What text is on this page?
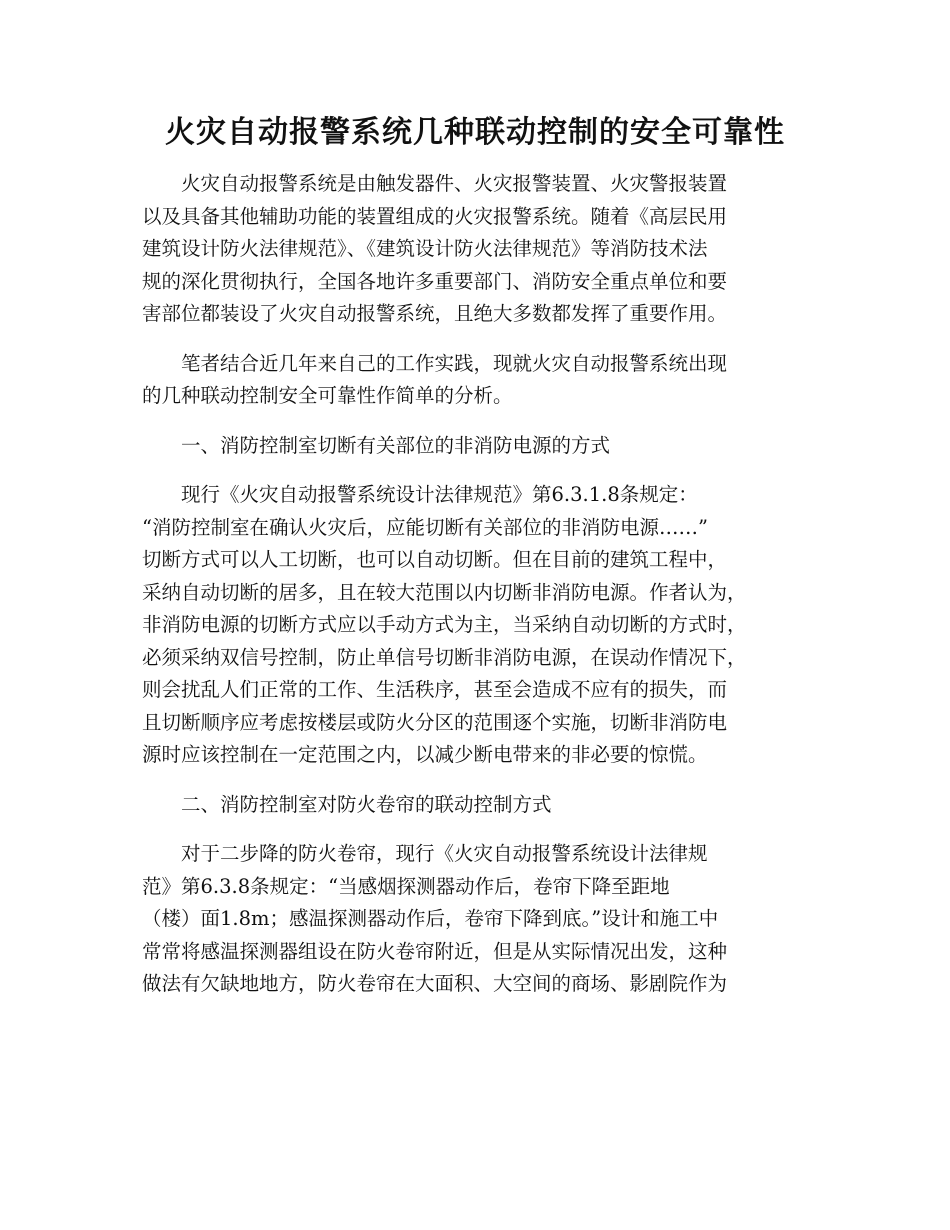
火灾自动报警系统几种联动控制的安全可靠性
　　火灾自动报警系统是由触发器件、火灾报警装置、火灾警报装置
以及具备其他辅助功能的装置组成的火灾报警系统。随着《高层民用
建筑设计防火法律规范》、《建筑设计防火法律规范》等消防技术法
规的深化贯彻执行，全国各地许多重要部门、消防安全重点单位和要
害部位都装设了火灾自动报警系统，且绝大多数都发挥了重要作用。
　　笔者结合近几年来自己的工作实践，现就火灾自动报警系统出现
的几种联动控制安全可靠性作简单的分析。
　　一、消防控制室切断有关部位的非消防电源的方式
　　现行《火灾自动报警系统设计法律规范》第6.3.1.8条规定：
“消防控制室在确认火灾后，应能切断有关部位的非消防电源……”
切断方式可以人工切断，也可以自动切断。但在目前的建筑工程中，
采纳自动切断的居多，且在较大范围以内切断非消防电源。作者认为，
非消防电源的切断方式应以手动方式为主，当采纳自动切断的方式时，
必须采纳双信号控制，防止单信号切断非消防电源，在误动作情况下，
则会扰乱人们正常的工作、生活秩序，甚至会造成不应有的损失，而
且切断顺序应考虑按楼层或防火分区的范围逐个实施，切断非消防电
源时应该控制在一定范围之内，以减少断电带来的非必要的惊慌。
　　二、消防控制室对防火卷帘的联动控制方式
　　对于二步降的防火卷帘，现行《火灾自动报警系统设计法律规
范》第6.3.8条规定：“当感烟探测器动作后，卷帘下降至距地
（楼）面1.8m；感温探测器动作后，卷帘下降到底。”设计和施工中
常常将感温探测器组设在防火卷帘附近，但是从实际情况出发，这种
做法有欠缺地地方，防火卷帘在大面积、大空间的商场、影剧院作为
